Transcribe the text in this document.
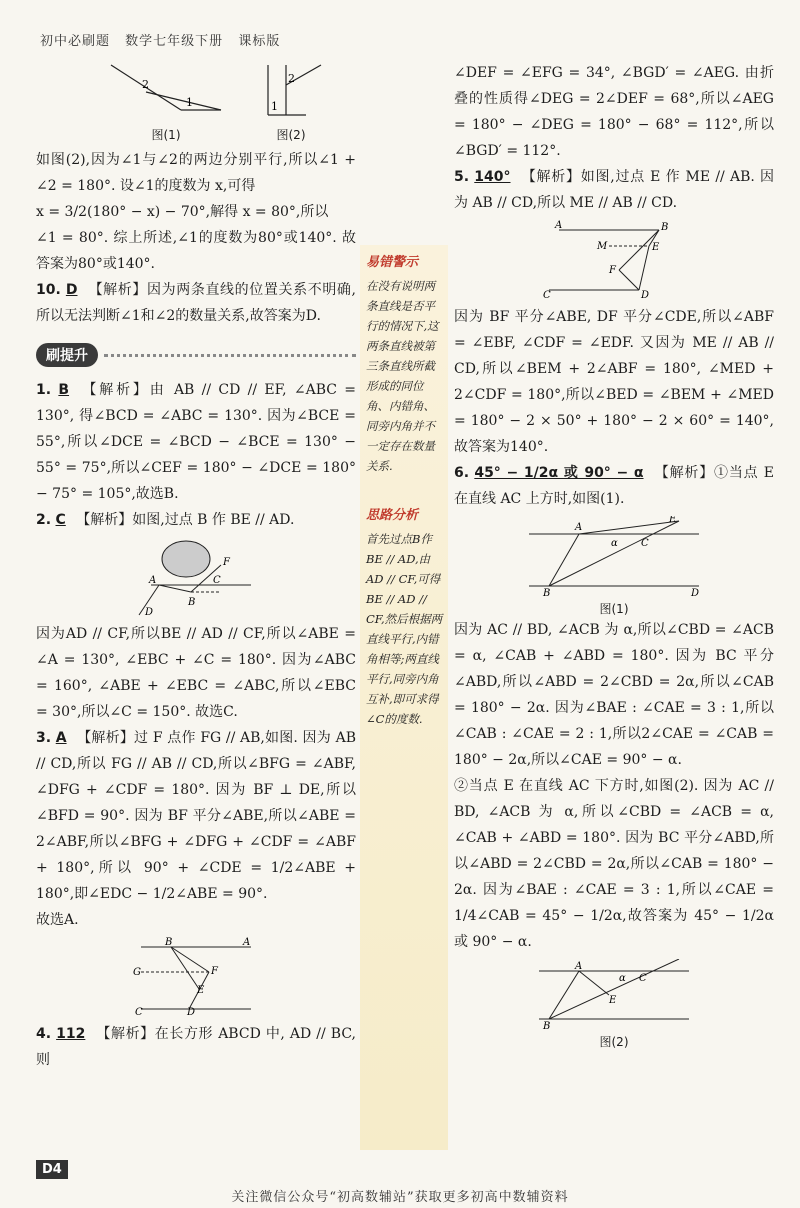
初中必刷题 数学七年级下册 课标版
2
1
图(1)
2
1
图(2)

如图(2),因为∠1与∠2的两边分别平行,所以∠1 + ∠2 = 180°. 设∠1的度数为 x,可得

x = 3/2(180° − x) − 70°,解得 x = 80°,所以

∠1 = 80°. 综上所述,∠1的度数为80°或140°. 故答案为80°或140°.

10. D 【解析】因为两条直线的位置关系不明确,所以无法判断∠1和∠2的数量关系,故答案为D.

刷提升

1. B 【解析】由 AB // CD // EF, ∠ABC = 130°, 得∠BCD = ∠ABC = 130°. 因为∠BCE = 55°,所以∠DCE = ∠BCD − ∠BCE = 130° − 55° = 75°,所以∠CEF = 180° − ∠DCE = 180° − 75° = 105°,故选B.

2. C 【解析】如图,过点 B 作 BE // AD.

A
B
C
F
D

因为AD // CF,所以BE // AD // CF,所以∠ABE = ∠A = 130°, ∠EBC + ∠C = 180°. 因为∠ABC = 160°, ∠ABE + ∠EBC = ∠ABC,所以∠EBC = 30°,所以∠C = 150°. 故选C.

3. A 【解析】过 F 点作 FG // AB,如图. 因为 AB // CD,所以 FG // AB // CD,所以∠BFG = ∠ABF, ∠DFG + ∠CDF = 180°. 因为 BF ⊥ DE,所以∠BFD = 90°. 因为 BF 平分∠ABE,所以∠ABE = 2∠ABF,所以∠BFG + ∠DFG + ∠CDF = ∠ABF + 180°,所以 90° + ∠CDE = 1/2∠ABE + 180°,即∠EDC − 1/2∠ABE = 90°.

故选A.

B	A
G	F
E
C	D

4. 112 【解析】在长方形 ABCD 中, AD // BC,则

易错警示
在没有说明两条直线是否平行的情况下,这两条直线被第三条直线所截形成的同位角、内错角、同旁内角并不一定存在数量关系.
思路分析
首先过点B作BE // AD,由AD // CF,可得BE // AD // CF,然后根据两直线平行,内错角相等;两直线平行,同旁内角互补,即可求得∠C的度数.

∠DEF = ∠EFG = 34°, ∠BGD′ = ∠AEG. 由折叠的性质得∠DEG = 2∠DEF = 68°,所以∠AEG = 180° − ∠DEG = 180° − 68° = 112°,所以∠BGD′ = 112°.

5. 140° 【解析】如图,过点 E 作 ME // AB. 因为 AB // CD,所以 ME // AB // CD.

A	B
M	E
F
C	D

因为 BF 平分∠ABE, DF 平分∠CDE,所以∠ABF = ∠EBF, ∠CDF = ∠EDF. 又因为 ME // AB // CD,所以∠BEM + 2∠ABF = 180°, ∠MED + 2∠CDF = 180°,所以∠BED = ∠BEM + ∠MED = 180° − 2 × 50° + 180° − 2 × 60° = 140°,故答案为140°.

6. 45° − 1/2α 或 90° − α 【解析】①当点 E 在直线 AC 上方时,如图(1).

A
E
α C
B	D
图(1)

因为 AC // BD, ∠ACB 为 α,所以∠CBD = ∠ACB = α, ∠CAB + ∠ABD = 180°. 因为 BC 平分∠ABD,所以∠ABD = 2∠CBD = 2α,所以∠CAB = 180° − 2α. 因为∠BAE : ∠CAE = 3 : 1,所以∠CAB : ∠CAE = 2 : 1,所以2∠CAE = ∠CAB = 180° − 2α,所以∠CAE = 90° − α.

②当点 E 在直线 AC 下方时,如图(2). 因为 AC // BD, ∠ACB 为 α,所以∠CBD = ∠ACB = α, ∠CAB + ∠ABD = 180°. 因为 BC 平分∠ABD,所以∠ABD = 2∠CBD = 2α,所以∠CAB = 180° − 2α. 因为∠BAE : ∠CAE = 3 : 1,所以∠CAE = 1/4∠CAB = 45° − 1/2α,故答案为 45° − 1/2α 或 90° − α.

A
α C
E
B
图(2)
D4
关注微信公众号“初高数辅站”获取更多初高中数辅资料
